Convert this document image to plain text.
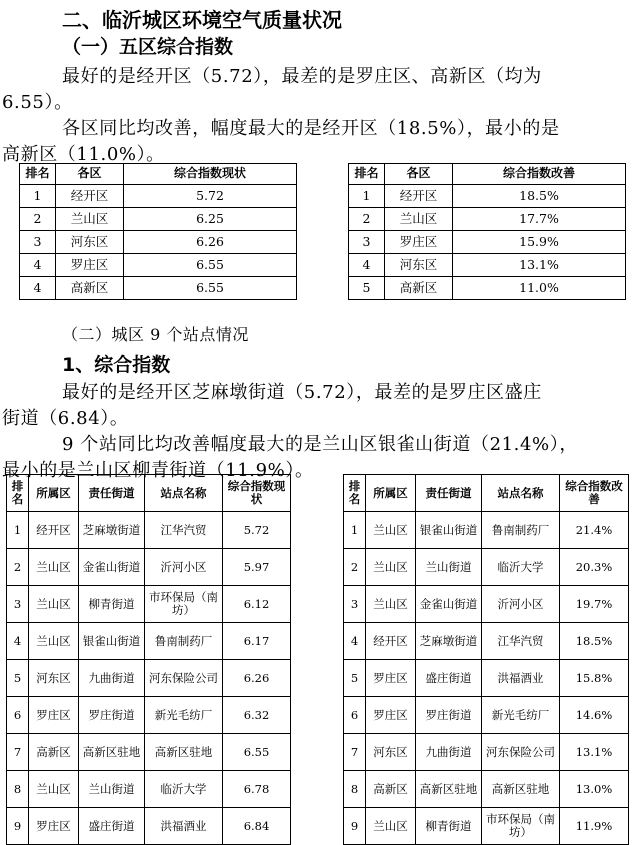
二、临沂城区环境空气质量状况
（一）五区综合指数
最好的是经开区（5.72），最差的是罗庄区、高新区（均为
6.55）。
各区同比均改善，幅度最大的是经开区（18.5%），最小的是
高新区（11.0%）。
排名	各区	综合指数现状
1	经开区	5.72
2	兰山区	6.25
3	河东区	6.26
4	罗庄区	6.55
4	高新区	6.55
排名	各区	综合指数改善
1	经开区	18.5%
2	兰山区	17.7%
3	罗庄区	15.9%
4	河东区	13.1%
5	高新区	11.0%
（二）城区 9 个站点情况
1、综合指数
最好的是经开区芝麻墩街道（5.72），最差的是罗庄区盛庄
街道（6.84）。
9 个站同比均改善幅度最大的是兰山区银雀山街道（21.4%），
最小的是兰山区柳青街道（11.9%）。
排名	所属区	责任街道	站点名称	综合指数现状
1	经开区	芝麻墩街道	江华汽贸	5.72
2	兰山区	金雀山街道	沂河小区	5.97
3	兰山区	柳青街道	市环保局（南坊）	6.12
4	兰山区	银雀山街道	鲁南制药厂	6.17
5	河东区	九曲街道	河东保险公司	6.26
6	罗庄区	罗庄街道	新光毛纺厂	6.32
7	高新区	高新区驻地	高新区驻地	6.55
8	兰山区	兰山街道	临沂大学	6.78
9	罗庄区	盛庄街道	洪福酒业	6.84
排名	所属区	责任街道	站点名称	综合指数改善
1	兰山区	银雀山街道	鲁南制药厂	21.4%
2	兰山区	兰山街道	临沂大学	20.3%
3	兰山区	金雀山街道	沂河小区	19.7%
4	经开区	芝麻墩街道	江华汽贸	18.5%
5	罗庄区	盛庄街道	洪福酒业	15.8%
6	罗庄区	罗庄街道	新光毛纺厂	14.6%
7	河东区	九曲街道	河东保险公司	13.1%
8	高新区	高新区驻地	高新区驻地	13.0%
9	兰山区	柳青街道	市环保局（南坊）	11.9%
